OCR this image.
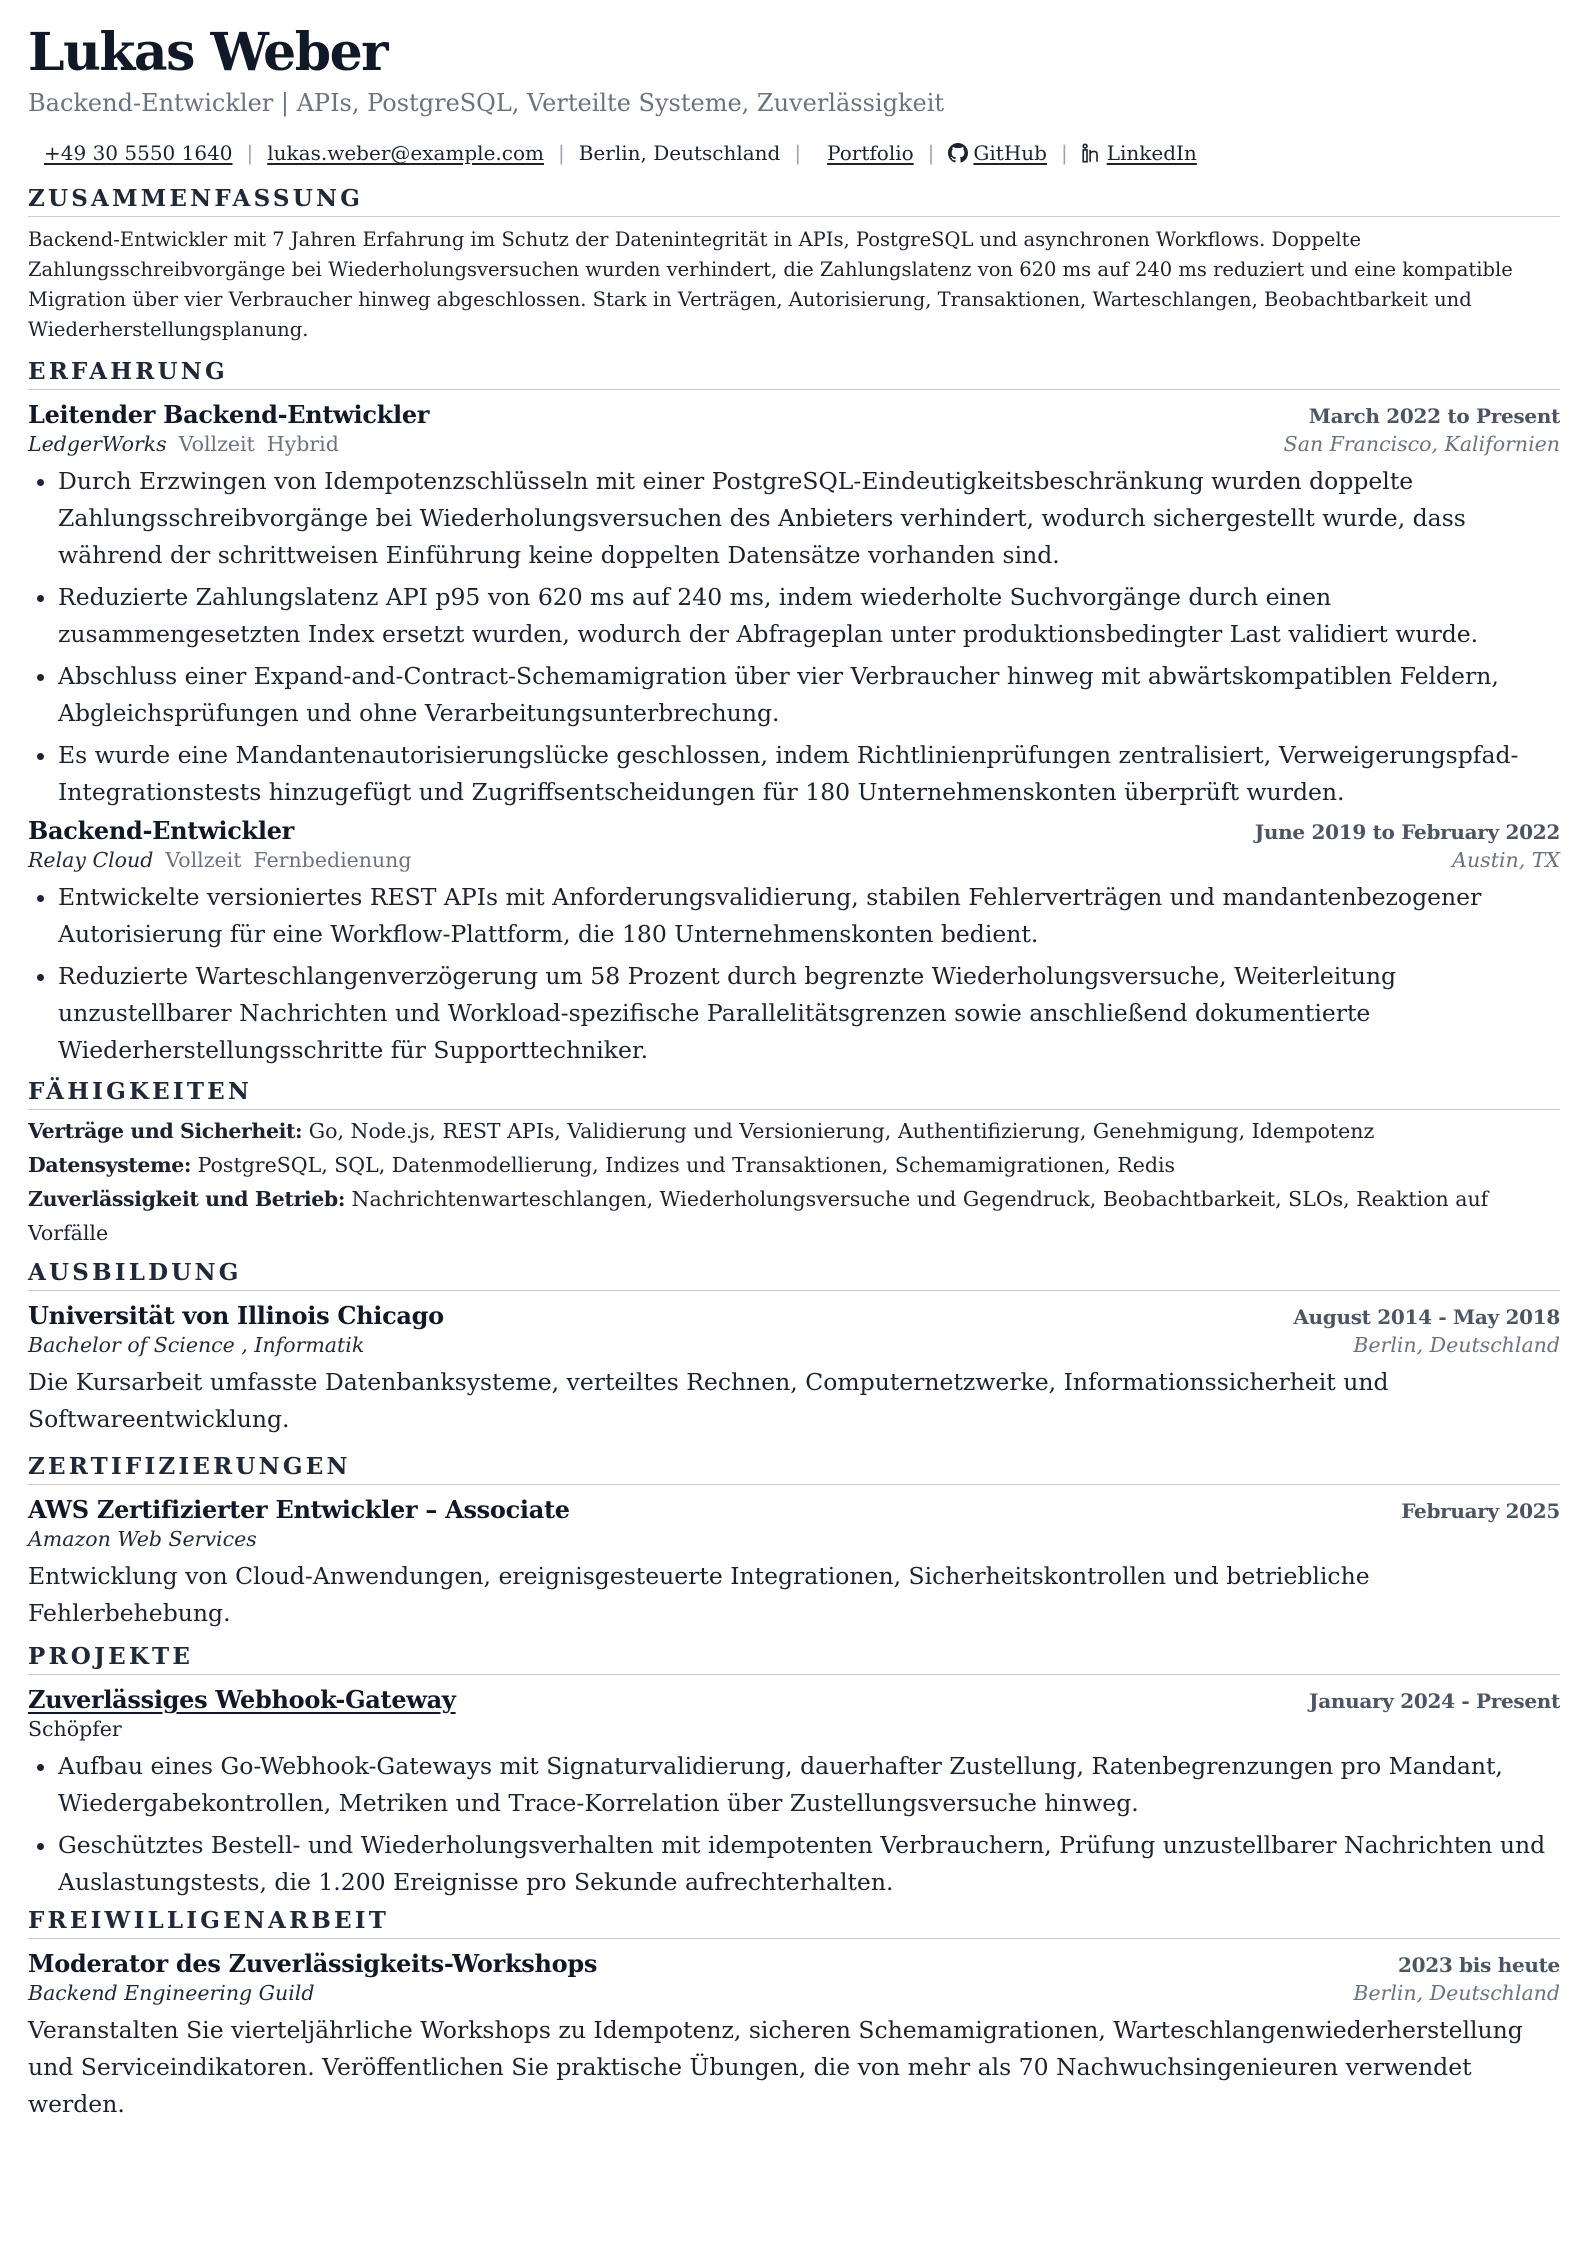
Lukas Weber
Backend-Entwickler | APIs, PostgreSQL, Verteilte Systeme, Zuverlässigkeit
+49 30 5550 1640 | lukas.weber@example.com | Berlin, Deutschland | Portfolio |	GitHub |	LinkedIn
ZUSAMMENFASSUNG
Backend-Entwickler mit 7 Jahren Erfahrung im Schutz der Datenintegrität in APIs, PostgreSQL und asynchronen Workflows. Doppelte Zahlungsschreibvorgänge bei Wiederholungsversuchen wurden verhindert, die Zahlungslatenz von 620 ms auf 240 ms reduziert und eine kompatible Migration über vier Verbraucher hinweg abgeschlossen. Stark in Verträgen, Autorisierung, Transaktionen, Warteschlangen, Beobachtbarkeit und Wiederherstellungsplanung.
ERFAHRUNG
Leitender Backend-Entwickler	March 2022 to Present
LedgerWorks Vollzeit Hybrid	San Francisco, Kalifornien
• Durch Erzwingen von Idempotenzschlüsseln mit einer PostgreSQL-Eindeutigkeitsbeschränkung wurden doppelte Zahlungsschreibvorgänge bei Wiederholungsversuchen des Anbieters verhindert, wodurch sichergestellt wurde, dass während der schrittweisen Einführung keine doppelten Datensätze vorhanden sind.
• Reduzierte Zahlungslatenz API p95 von 620 ms auf 240 ms, indem wiederholte Suchvorgänge durch einen zusammengesetzten Index ersetzt wurden, wodurch der Abfrageplan unter produktionsbedingter Last validiert wurde.
• Abschluss einer Expand-and-Contract-Schemamigration über vier Verbraucher hinweg mit abwärtskompatiblen Feldern, Abgleichsprüfungen und ohne Verarbeitungsunterbrechung.
• Es wurde eine Mandantenautorisierungslücke geschlossen, indem Richtlinienprüfungen zentralisiert, Verweigerungspfad-Integrationstests hinzugefügt und Zugriffsentscheidungen für 180 Unternehmenskonten überprüft wurden.
Backend-Entwickler	June 2019 to February 2022
Relay Cloud Vollzeit Fernbedienung	Austin, TX
• Entwickelte versioniertes REST APIs mit Anforderungsvalidierung, stabilen Fehlerverträgen und mandantenbezogener Autorisierung für eine Workflow-Plattform, die 180 Unternehmenskonten bedient.
• Reduzierte Warteschlangenverzögerung um 58 Prozent durch begrenzte Wiederholungsversuche, Weiterleitung unzustellbarer Nachrichten und Workload-spezifische Parallelitätsgrenzen sowie anschließend dokumentierte Wiederherstellungsschritte für Supporttechniker.
FÄHIGKEITEN
Verträge und Sicherheit: Go, Node.js, REST APIs, Validierung und Versionierung, Authentifizierung, Genehmigung, Idempotenz
Datensysteme: PostgreSQL, SQL, Datenmodellierung, Indizes und Transaktionen, Schemamigrationen, Redis
Zuverlässigkeit und Betrieb: Nachrichtenwarteschlangen, Wiederholungsversuche und Gegendruck, Beobachtbarkeit, SLOs, Reaktion auf Vorfälle
AUSBILDUNG
Universität von Illinois Chicago	August 2014 - May 2018
Bachelor of Science , Informatik	Berlin, Deutschland
Die Kursarbeit umfasste Datenbanksysteme, verteiltes Rechnen, Computernetzwerke, Informationssicherheit und Softwareentwicklung.
ZERTIFIZIERUNGEN
AWS Zertifizierter Entwickler – Associate	February 2025
Amazon Web Services
Entwicklung von Cloud-Anwendungen, ereignisgesteuerte Integrationen, Sicherheitskontrollen und betriebliche Fehlerbehebung.
PROJEKTE
Zuverlässiges Webhook-Gateway	January 2024 - Present
Schöpfer
• Aufbau eines Go-Webhook-Gateways mit Signaturvalidierung, dauerhafter Zustellung, Ratenbegrenzungen pro Mandant, Wiedergabekontrollen, Metriken und Trace-Korrelation über Zustellungsversuche hinweg.
• Geschütztes Bestell- und Wiederholungsverhalten mit idempotenten Verbrauchern, Prüfung unzustellbarer Nachrichten und Auslastungstests, die 1.200 Ereignisse pro Sekunde aufrechterhalten.
FREIWILLIGENARBEIT
Moderator des Zuverlässigkeits-Workshops	2023 bis heute
Backend Engineering Guild	Berlin, Deutschland
Veranstalten Sie vierteljährliche Workshops zu Idempotenz, sicheren Schemamigrationen, Warteschlangenwiederherstellung und Serviceindikatoren. Veröffentlichen Sie praktische Übungen, die von mehr als 70 Nachwuchsingenieuren verwendet werden.
